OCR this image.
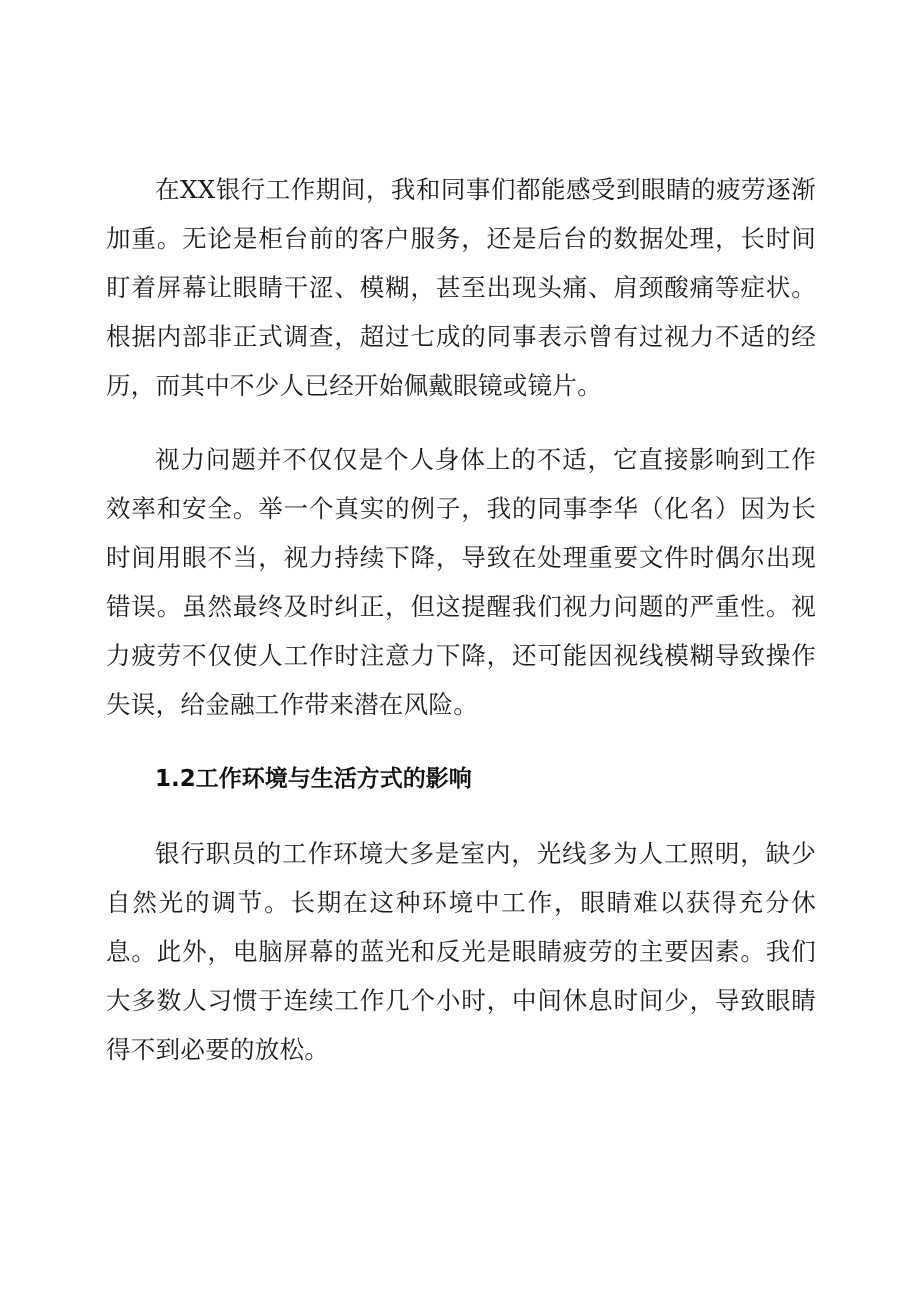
在XX银行工作期间，我和同事们都能感受到眼睛的疲劳逐渐加重。无论是柜台前的客户服务，还是后台的数据处理，长时间盯着屏幕让眼睛干涩、模糊，甚至出现头痛、肩颈酸痛等症状。根据内部非正式调查，超过七成的同事表示曾有过视力不适的经历，而其中不少人已经开始佩戴眼镜或镜片。

视力问题并不仅仅是个人身体上的不适，它直接影响到工作效率和安全。举一个真实的例子，我的同事李华（化名）因为长时间用眼不当，视力持续下降，导致在处理重要文件时偶尔出现错误。虽然最终及时纠正，但这提醒我们视力问题的严重性。视力疲劳不仅使人工作时注意力下降，还可能因视线模糊导致操作失误，给金融工作带来潜在风险。

1.2工作环境与生活方式的影响

银行职员的工作环境大多是室内，光线多为人工照明，缺少自然光的调节。长期在这种环境中工作，眼睛难以获得充分休息。此外，电脑屏幕的蓝光和反光是眼睛疲劳的主要因素。我们大多数人习惯于连续工作几个小时，中间休息时间少，导致眼睛得不到必要的放松。
